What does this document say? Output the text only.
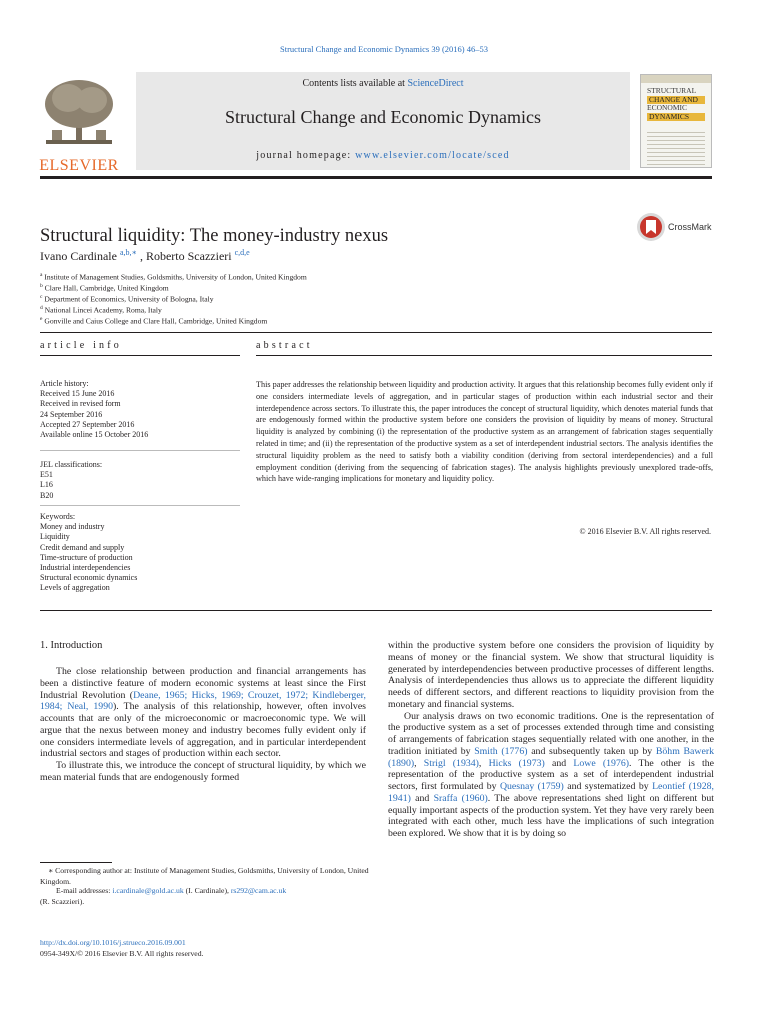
Structural Change and Economic Dynamics 39 (2016) 46–53
ELSEVIER
Contents lists available at ScienceDirect
Structural Change and Economic Dynamics
journal homepage: www.elsevier.com/locate/sced
STRUCTURAL
CHANGE AND
ECONOMIC
DYNAMICS
CrossMark
Structural liquidity: The money-industry nexus
Ivano Cardinale $^{a,b,∗}$ , Roberto Scazzieri $^{c,d,e}$
$^a$ Institute of Management Studies, Goldsmiths, University of London, United Kingdom
$^b$ Clare Hall, Cambridge, United Kingdom
$^c$ Department of Economics, University of Bologna, Italy
$^d$ National Lincei Academy, Roma, Italy
$^e$ Gonville and Caius College and Clare Hall, Cambridge, United Kingdom
article info	abstract
Article history:
Received 15 June 2016
Received in revised form
24 September 2016
Accepted 27 September 2016
Available online 15 October 2016
JEL classifications:
E51
L16
B20
Keywords:
Money and industry
Liquidity
Credit demand and supply
Time-structure of production
Industrial interdependencies
Structural economic dynamics
Levels of aggregation
This paper addresses the relationship between liquidity and production activity. It argues that this relationship becomes fully evident only if one considers intermediate levels of aggregation, and in particular stages of production within each industrial sector and their interdependence across sectors. To illustrate this, the paper introduces the concept of structural liquidity, which denotes material funds that are endogenously formed within the productive system before one considers the provision of liquidity by means of money. Structural liquidity is analyzed by combining (i) the representation of the productive system as an arrangement of fabrication stages sequentially related in time; and (ii) the representation of the productive system as a set of interdependent industrial sectors. The analysis identifies the structural liquidity problem as the need to satisfy both a viability condition (deriving from sectoral interdependencies) and a full employment condition (deriving from the sequencing of fabrication stages). The analysis highlights previously unexplored trade-offs, which have wide-ranging implications for monetary and liquidity policy.
© 2016 Elsevier B.V. All rights reserved.
1. Introduction

The close relationship between production and financial arrangements has been a distinctive feature of modern economic systems at least since the First Industrial Revolution (Deane, 1965; Hicks, 1969; Crouzet, 1972; Kindleberger, 1984; Neal, 1990). The analysis of this relationship, however, often involves accounts that are only of the microeconomic or macroeconomic type. We will argue that the nexus between money and industry becomes fully evident only if one considers intermediate levels of aggregation, and in particular interdependent industrial sectors and stages of production within each sector.

To illustrate this, we introduce the concept of structural liquidity, by which we mean material funds that are endogenously formed

within the productive system before one considers the provision of liquidity by means of money or the financial system. We show that structural liquidity is generated by interdependencies between productive processes of different lengths. Analysis of interdependencies thus allows us to appreciate the different liquidity needs of different sectors, and different reactions to liquidity provision from the monetary and financial systems.

Our analysis draws on two economic traditions. One is the representation of the productive system as a set of processes extended through time and consisting of arrangements of fabrication stages sequentially related with one another, in the tradition initiated by Smith (1776) and subsequently taken up by Böhm Bawerk (1890), Strigl (1934), Hicks (1973) and Lowe (1976). The other is the representation of the productive system as a set of interdependent industrial sectors, first formulated by Quesnay (1759) and systematized by Leontief (1928, 1941) and Sraffa (1960). The above representations shed light on different but equally important aspects of the production system. Yet they have very rarely been integrated with each other, much less have the implications of such integration been explored. We show that it is by doing so

∗ Corresponding author at: Institute of Management Studies, Goldsmiths, University of London, United Kingdom.
E-mail addresses: i.cardinale@gold.ac.uk (I. Cardinale), rs292@cam.ac.uk
(R. Scazzieri).
http://dx.doi.org/10.1016/j.strueco.2016.09.001
0954-349X/© 2016 Elsevier B.V. All rights reserved.
